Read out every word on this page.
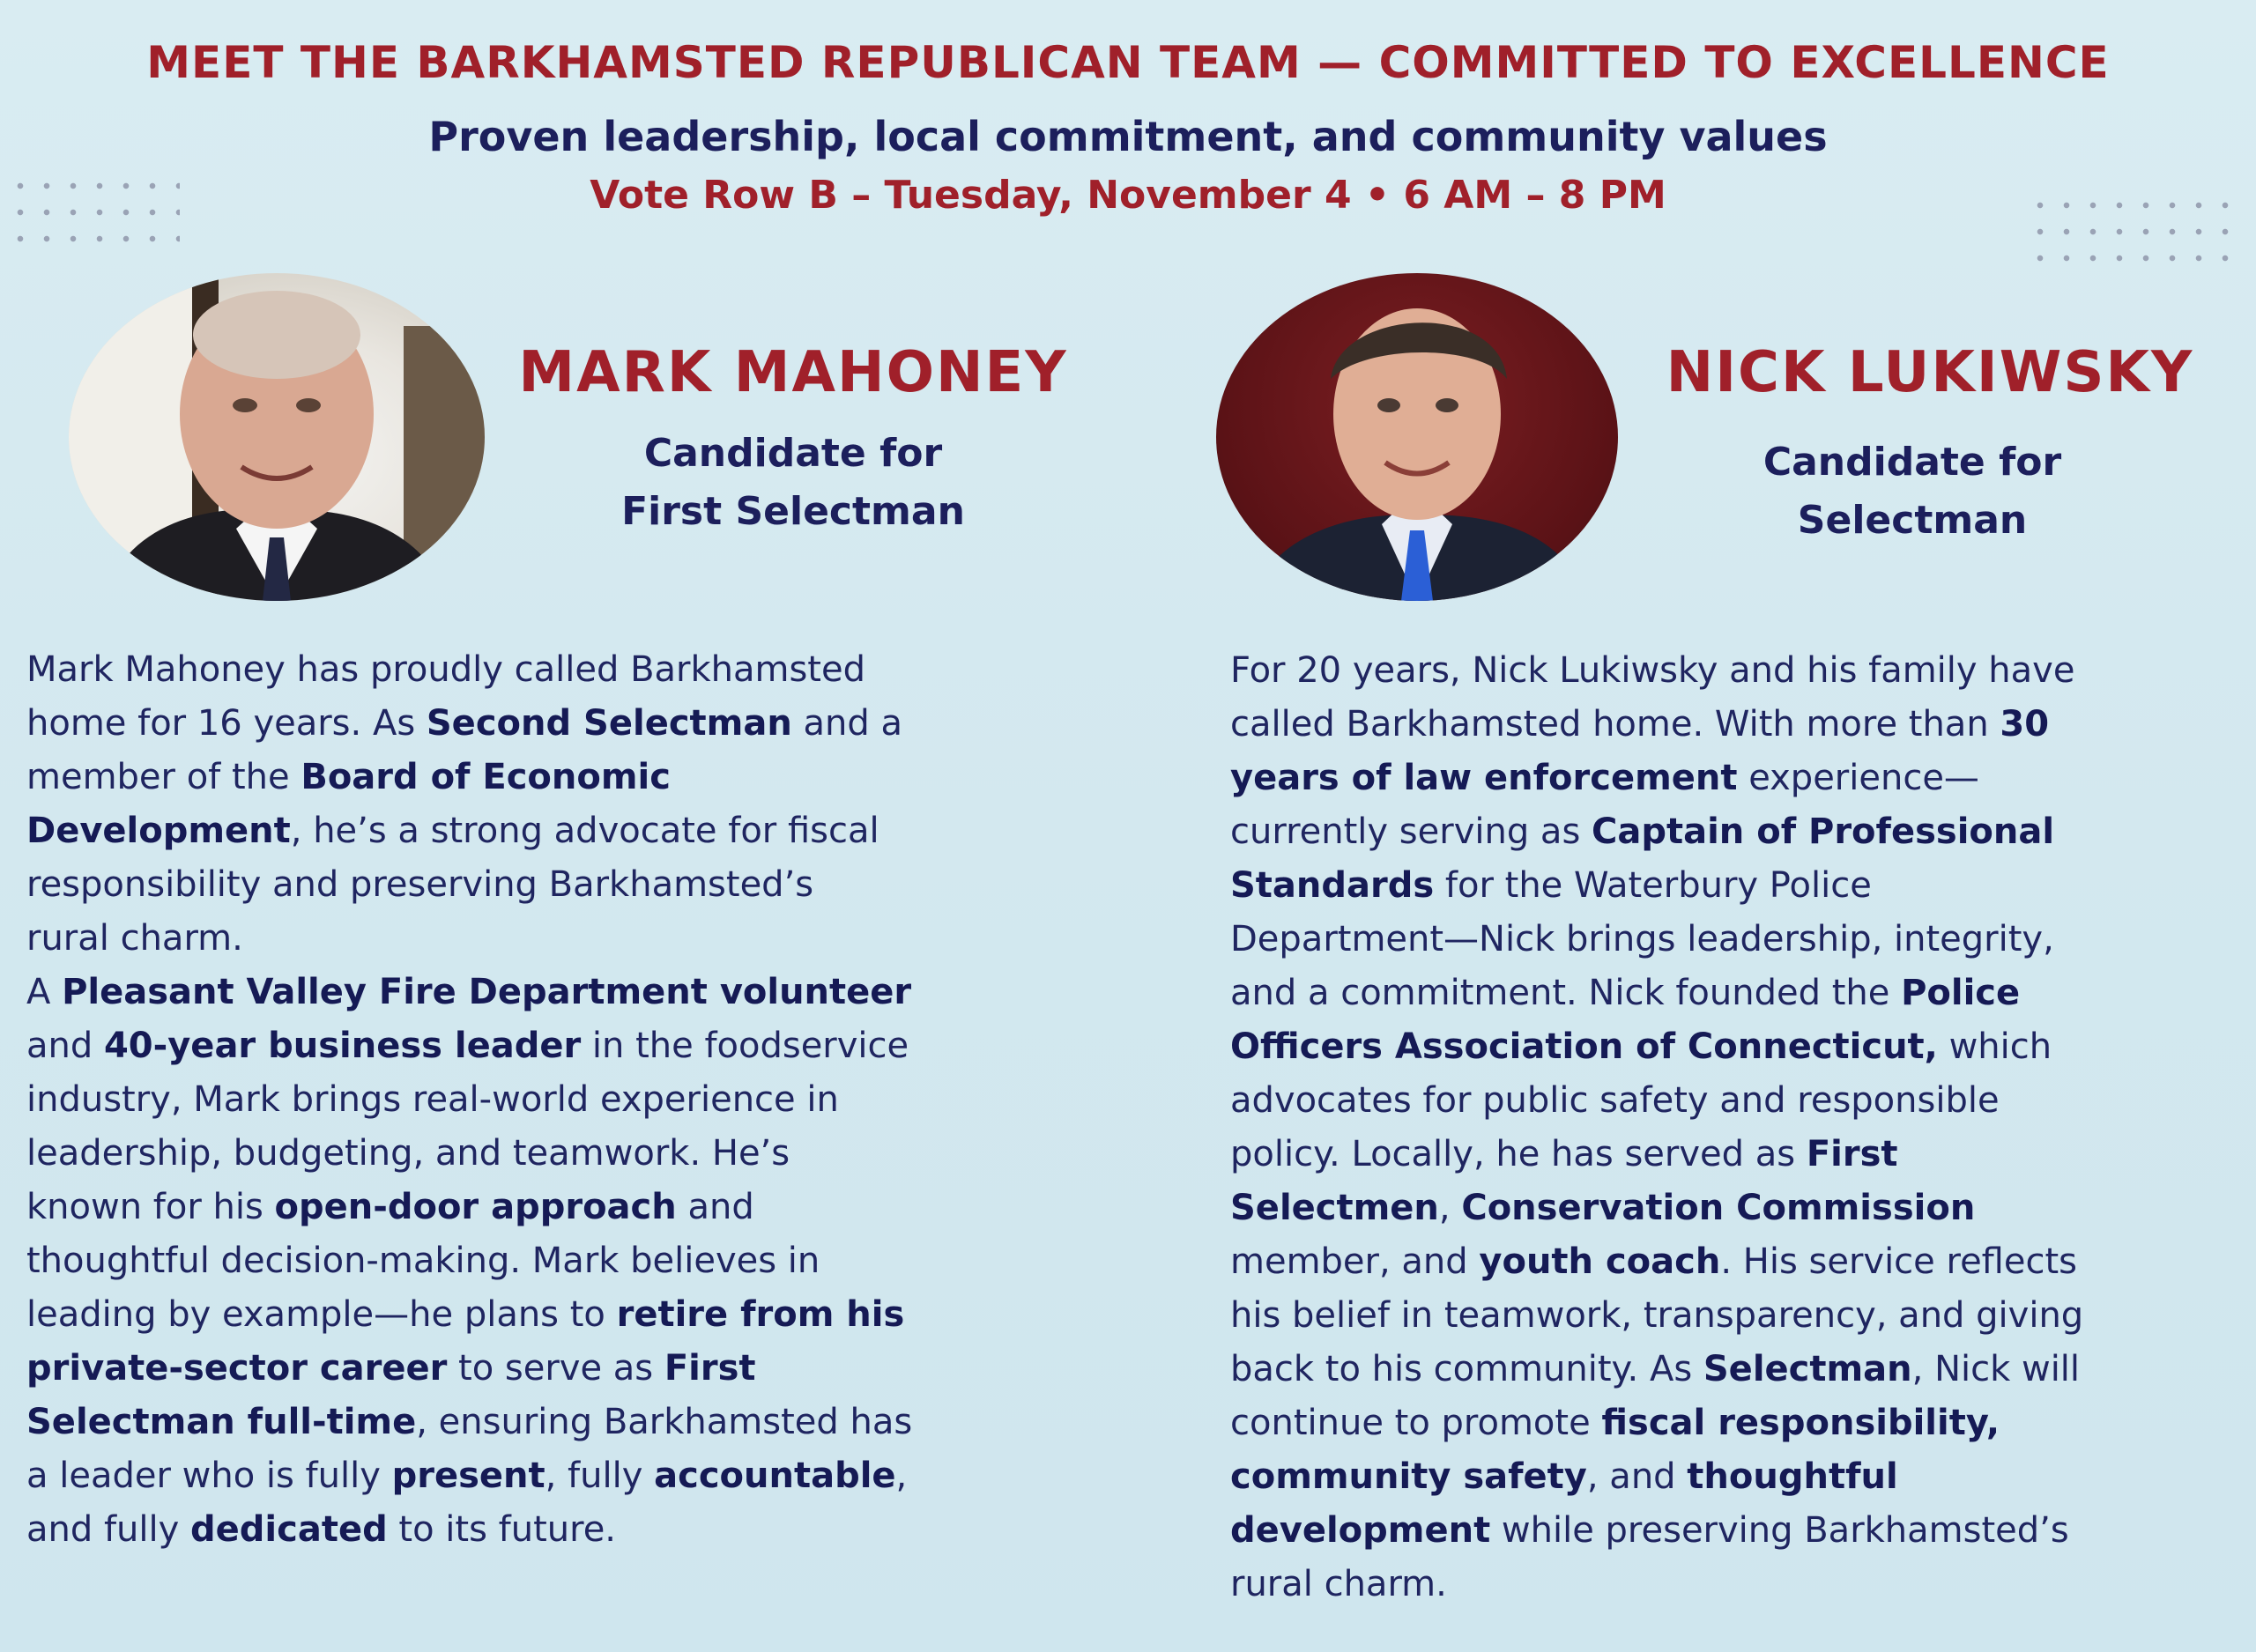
MEET THE BARKHAMSTED REPUBLICAN TEAM — COMMITTED TO EXCELLENCE
Proven leadership, local commitment, and community values
Vote Row B – Tuesday, November 4 • 6 AM – 8 PM
MARK MAHONEY
Candidate for
First Selectman
NICK LUKIWSKY
Candidate for
Selectman
Mark Mahoney has proudly called Barkhamsted
home for 16 years. As Second Selectman and a
member of the Board of Economic
Development, he’s a strong advocate for fiscal
responsibility and preserving Barkhamsted’s
rural charm.
A Pleasant Valley Fire Department volunteer
and 40-year business leader in the foodservice
industry, Mark brings real-world experience in
leadership, budgeting, and teamwork. He’s
known for his open-door approach and
thoughtful decision-making. Mark believes in
leading by example—he plans to retire from his
private-sector career to serve as First
Selectman full-time, ensuring Barkhamsted has
a leader who is fully present, fully accountable,
and fully dedicated to its future.
For 20 years, Nick Lukiwsky and his family have
called Barkhamsted home. With more than 30
years of law enforcement experience—
currently serving as Captain of Professional
Standards for the Waterbury Police
Department—Nick brings leadership, integrity,
and a commitment. Nick founded the Police
Officers Association of Connecticut, which
advocates for public safety and responsible
policy. Locally, he has served as First
Selectmen, Conservation Commission
member, and youth coach. His service reflects
his belief in teamwork, transparency, and giving
back to his community. As Selectman, Nick will
continue to promote fiscal responsibility,
community safety, and thoughtful
development while preserving Barkhamsted’s
rural charm.
